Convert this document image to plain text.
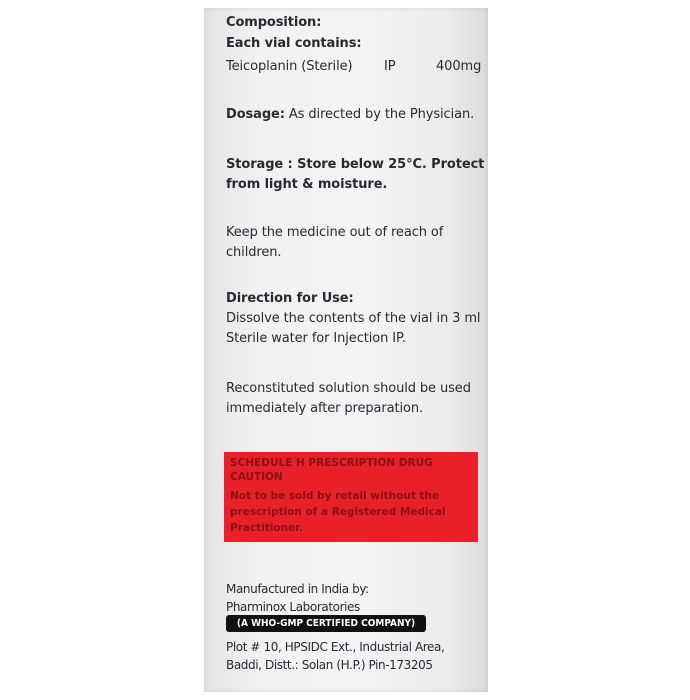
Composition:
Each vial contains:
Teicoplanin (Sterile) IP	400mg
Dosage: As directed by the Physician.
Storage : Store below 25°C. Protect
from light & moisture.
Keep the medicine out of reach of
children.
Direction for Use:
Dissolve the contents of the vial in 3 ml
Sterile water for Injection IP.
Reconstituted solution should be used
immediately after preparation.
SCHEDULE H PRESCRIPTION DRUG
CAUTION
Not to be sold by retail without the
prescription of a Registered Medical
Practitioner.
Manufactured in India by:
Pharminox Laboratories
(A WHO-GMP CERTIFIED COMPANY)
Plot # 10, HPSIDC Ext., Industrial Area,
Baddi, Distt.: Solan (H.P.) Pin-173205
